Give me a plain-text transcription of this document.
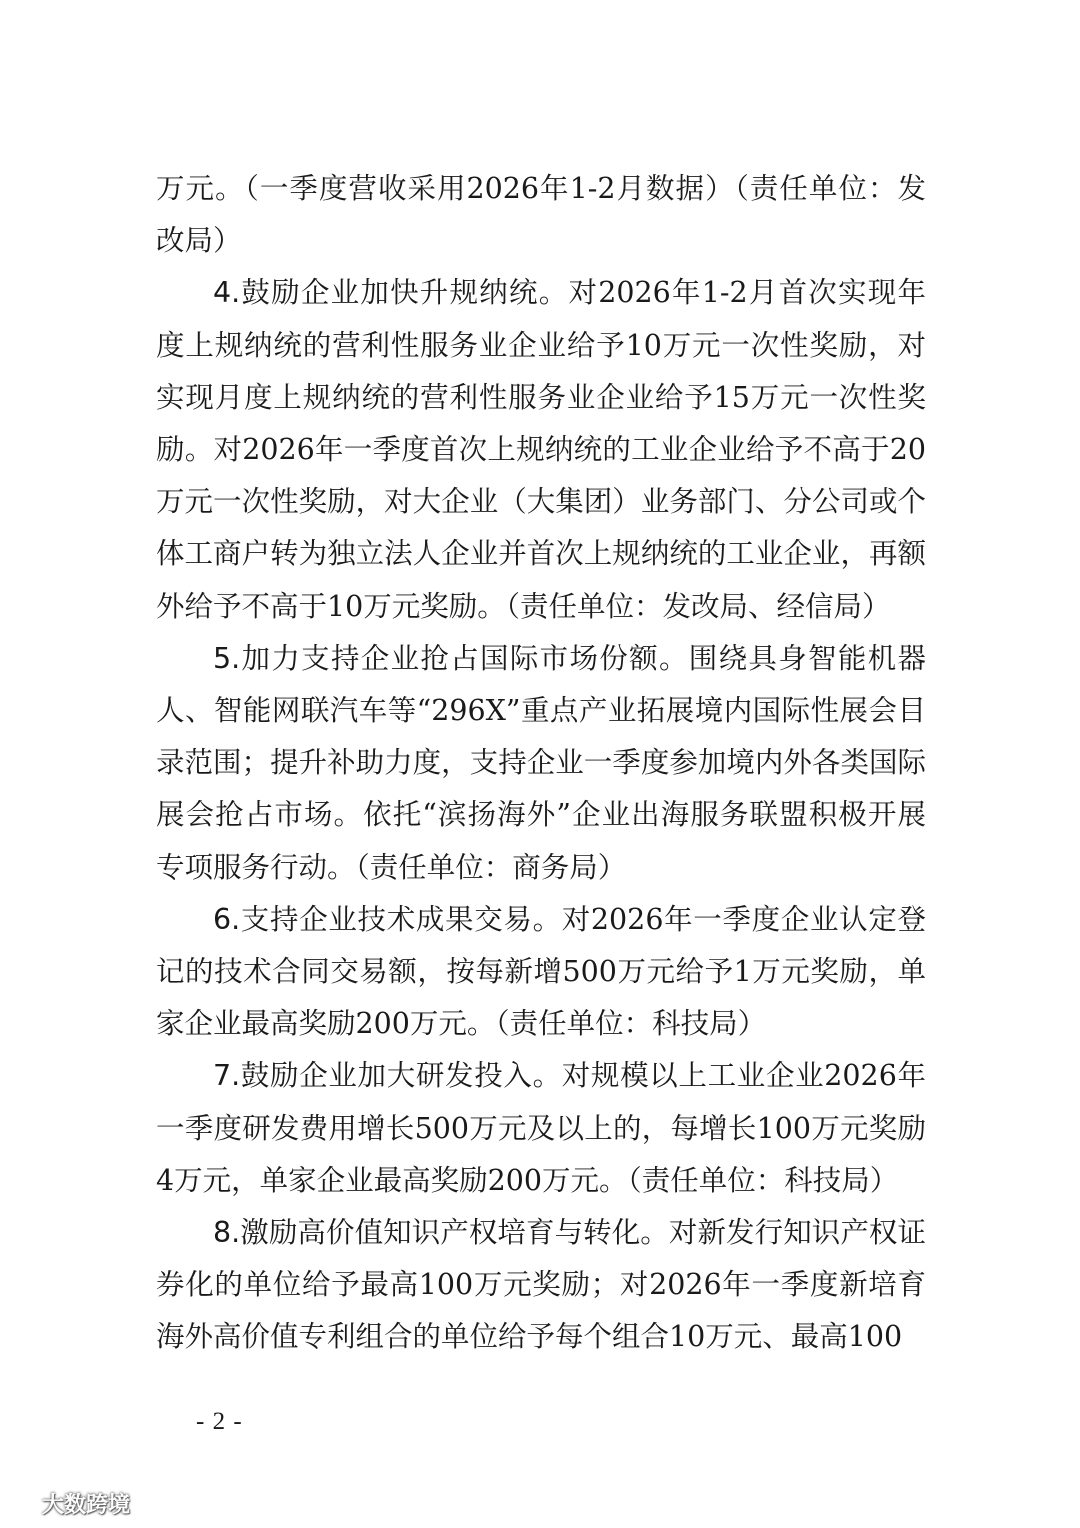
万元。（一季度营收采用2026年1-2月数据）（责任单位：发改局）

4.鼓励企业加快升规纳统。对2026年1-2月首次实现年度上规纳统的营利性服务业企业给予10万元一次性奖励，对实现月度上规纳统的营利性服务业企业给予15万元一次性奖励。对2026年一季度首次上规纳统的工业企业给予不高于20万元一次性奖励，对大企业（大集团）业务部门、分公司或个体工商户转为独立法人企业并首次上规纳统的工业企业，再额外给予不高于10万元奖励。（责任单位：发改局、经信局）

5.加力支持企业抢占国际市场份额。围绕具身智能机器人、智能网联汽车等“296X”重点产业拓展境内国际性展会目录范围；提升补助力度，支持企业一季度参加境内外各类国际展会抢占市场。依托“滨扬海外”企业出海服务联盟积极开展专项服务行动。（责任单位：商务局）

6.支持企业技术成果交易。对2026年一季度企业认定登记的技术合同交易额，按每新增500万元给予1万元奖励，单家企业最高奖励200万元。（责任单位：科技局）

7.鼓励企业加大研发投入。对规模以上工业企业2026年一季度研发费用增长500万元及以上的，每增长100万元奖励4万元，单家企业最高奖励200万元。（责任单位：科技局）

8.激励高价值知识产权培育与转化。对新发行知识产权证券化的单位给予最高100万元奖励；对2026年一季度新培育海外高价值专利组合的单位给予每个组合10万元、最高100

- 2 -
大数跨境
